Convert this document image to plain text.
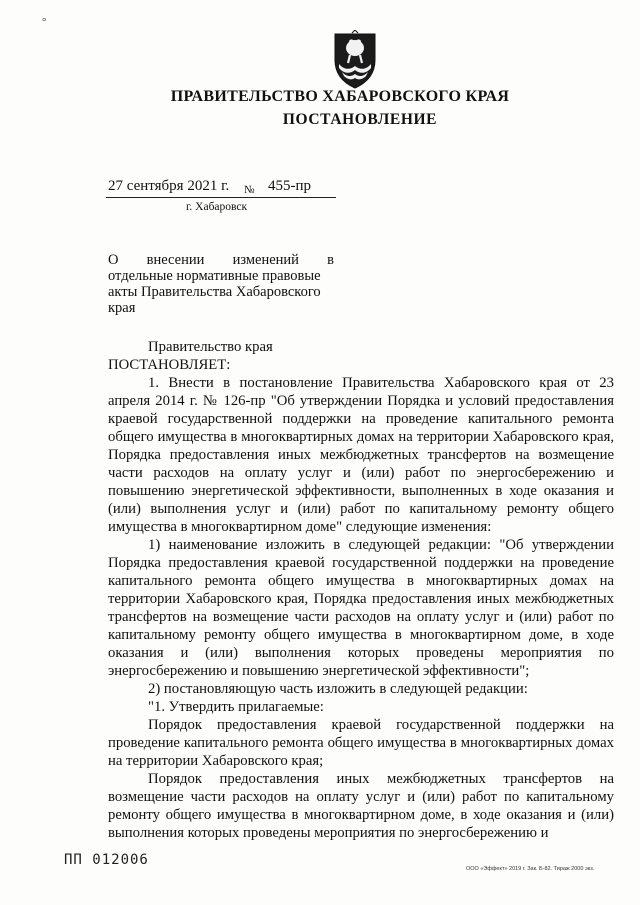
°
ПРАВИТЕЛЬСТВО ХАБАРОВСКОГО КРАЯ
ПОСТАНОВЛЕНИЕ
27 сентября 2021 г. № 455-пр
г. Хабаровск
О внесении изменений в
отдельные нормативные правовые
акты Правительства Хабаровского
края

Правительство края

ПОСТАНОВЛЯЕТ:

1. Внести в постановление Правительства Хабаровского края от 23 апреля 2014 г. № 126-пр "Об утверждении Порядка и условий предоставления краевой государственной поддержки на проведение капитального ремонта общего имущества в многоквартирных домах на территории Хабаровского края, Порядка предоставления иных межбюджетных трансфертов на возмещение части расходов на оплату услуг и (или) работ по энергосбережению и повышению энергетической эффективности, выполненных в ходе оказания и (или) выполнения услуг и (или) работ по капитальному ремонту общего имущества в многоквартирном доме" следующие изменения:

1) наименование изложить в следующей редакции: "Об утверждении Порядка предоставления краевой государственной поддержки на проведение капитального ремонта общего имущества в многоквартирных домах на территории Хабаровского края, Порядка предоставления иных межбюджетных трансфертов на возмещение части расходов на оплату услуг и (или) работ по капитальному ремонту общего имущества в многоквартирном доме, в ходе оказания и (или) выполнения которых проведены мероприятия по энергосбережению и повышению энергетической эффективности";

2) постановляющую часть изложить в следующей редакции:

"1. Утвердить прилагаемые:

Порядок предоставления краевой государственной поддержки на проведение капитального ремонта общего имущества в многоквартирных домах на территории Хабаровского края;

Порядок предоставления иных межбюджетных трансфертов на возмещение части расходов на оплату услуг и (или) работ по капитальному ремонту общего имущества в многоквартирном доме, в ходе оказания и (или) выполнения которых проведены мероприятия по энергосбережению и

ПП 012006
ООО «Эффект» 2019 г. Зак. Б-82. Тираж 2000 экз.
